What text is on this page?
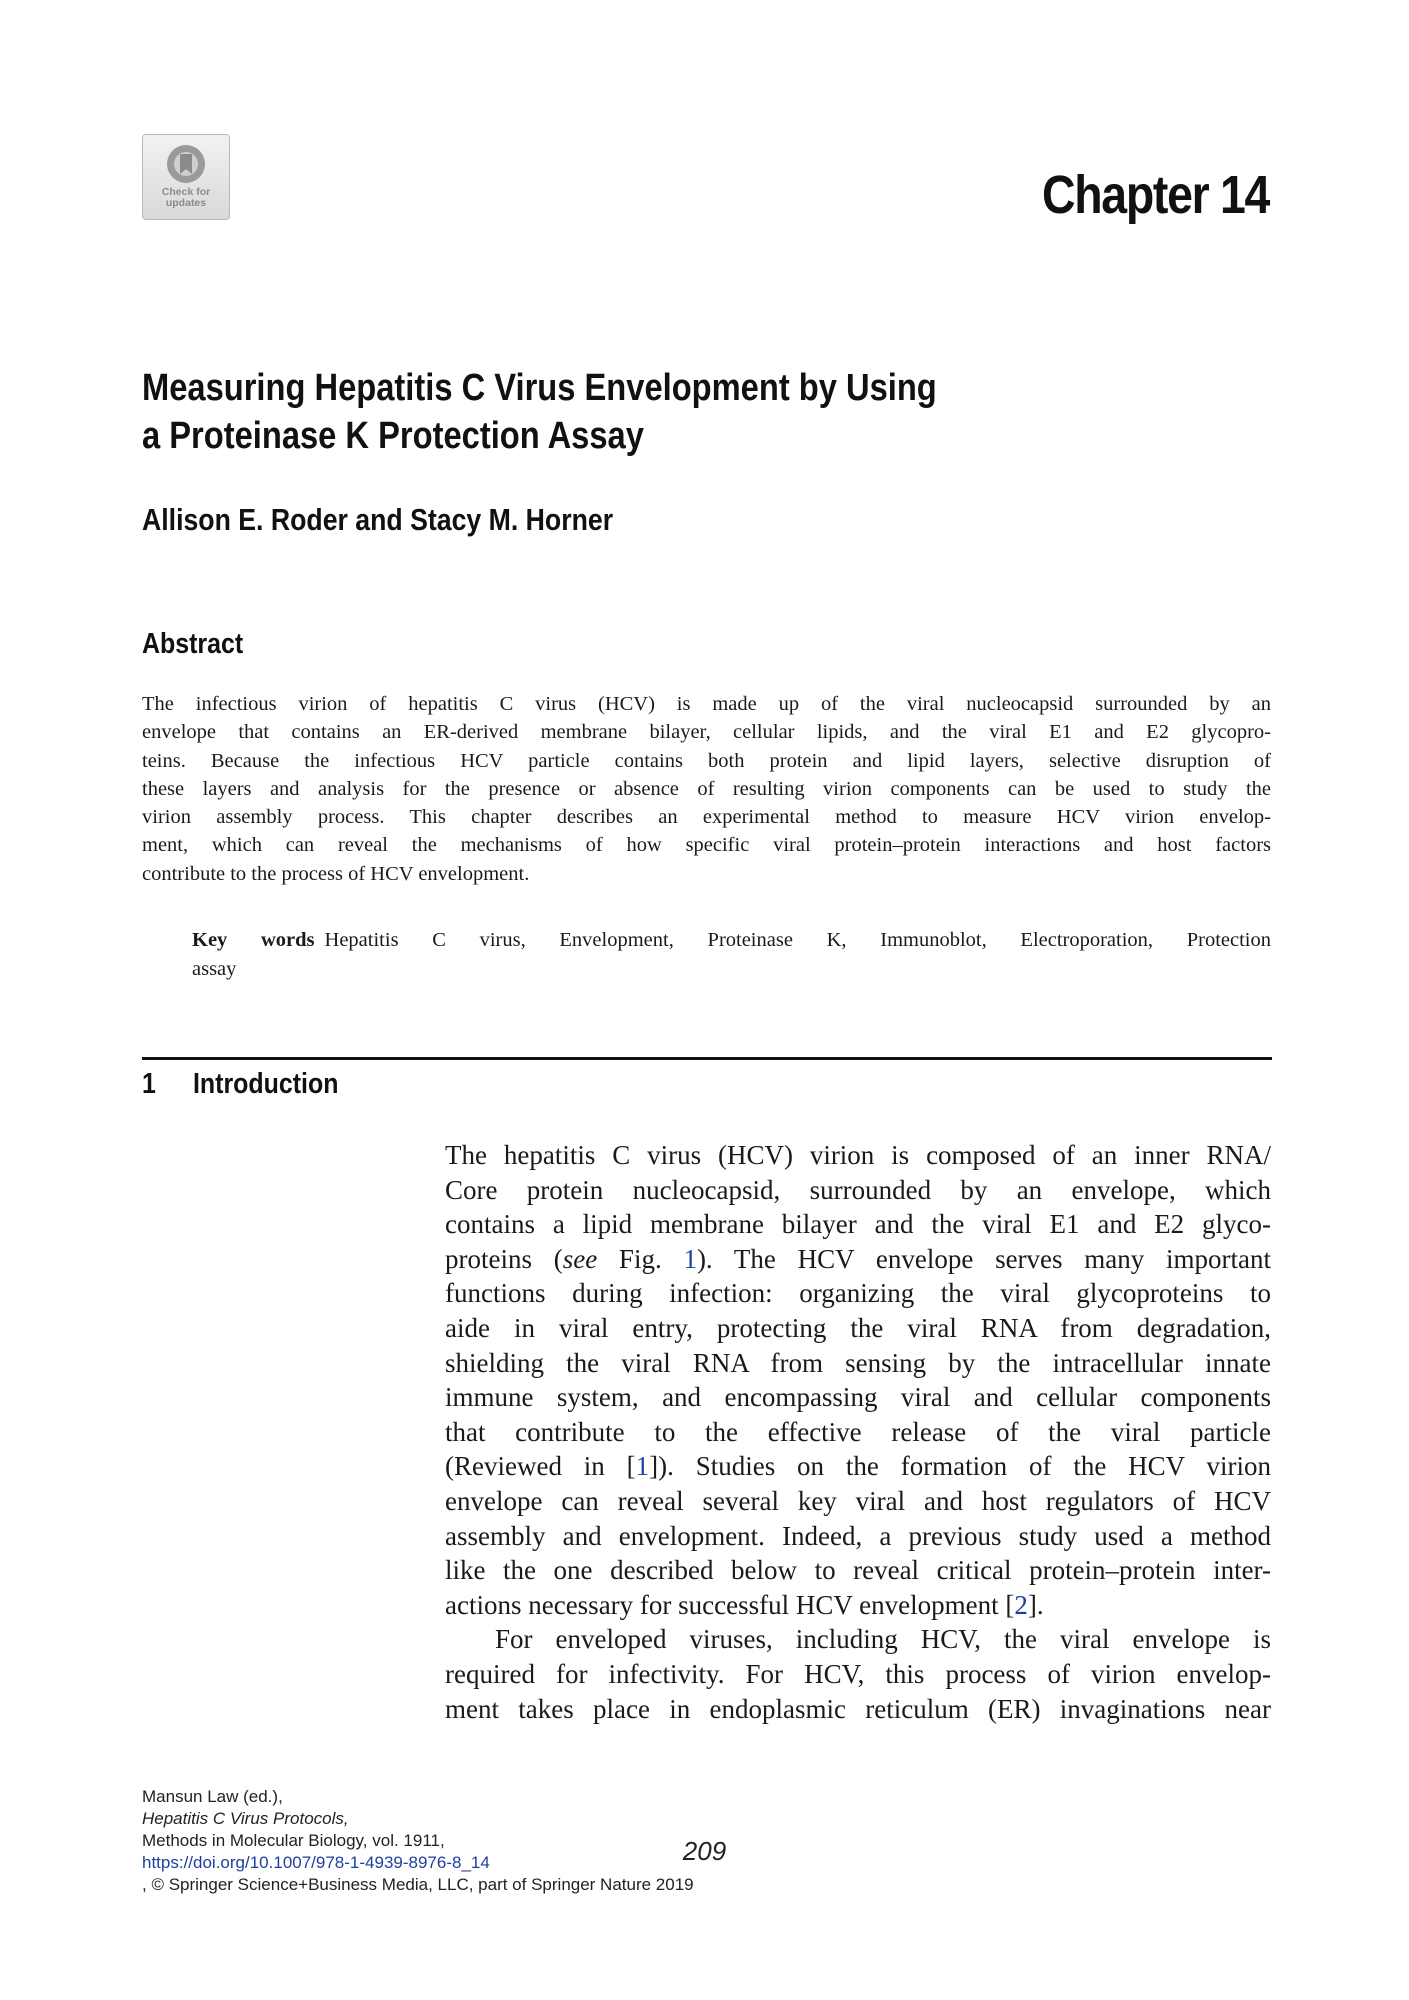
Check for
updates	Chapter 14
Measuring Hepatitis C Virus Envelopment by Using
a Proteinase K Protection Assay
Allison E. Roder and Stacy M. Horner
Abstract
The infectious virion of hepatitis C virus (HCV) is made up of the viral nucleocapsid surrounded by an
envelope that contains an ER-derived membrane bilayer, cellular lipids, and the viral E1 and E2 glycopro-
teins. Because the infectious HCV particle contains both protein and lipid layers, selective disruption of
these layers and analysis for the presence or absence of resulting virion components can be used to study the
virion assembly process. This chapter describes an experimental method to measure HCV virion envelop-
ment, which can reveal the mechanisms of how specific viral protein–protein interactions and host factors
contribute to the process of HCV envelopment.
Key words Hepatitis C virus, Envelopment, Proteinase K, Immunoblot, Electroporation, Protection
assay
1 Introduction
The hepatitis C virus (HCV) virion is composed of an inner RNA/
Core protein nucleocapsid, surrounded by an envelope, which
contains a lipid membrane bilayer and the viral E1 and E2 glyco-
proteins (see Fig. 1). The HCV envelope serves many important
functions during infection: organizing the viral glycoproteins to
aide in viral entry, protecting the viral RNA from degradation,
shielding the viral RNA from sensing by the intracellular innate
immune system, and encompassing viral and cellular components
that contribute to the effective release of the viral particle
(Reviewed in [1]). Studies on the formation of the HCV virion
envelope can reveal several key viral and host regulators of HCV
assembly and envelopment. Indeed, a previous study used a method
like the one described below to reveal critical protein–protein inter-
actions necessary for successful HCV envelopment [2].
For enveloped viruses, including HCV, the viral envelope is
required for infectivity. For HCV, this process of virion envelop-
ment takes place in endoplasmic reticulum (ER) invaginations near
Mansun Law (ed.),
Hepatitis C Virus Protocols,
Methods in Molecular Biology, vol. 1911,
https://doi.org/10.1007/978-1-4939-8976-8_14
, © Springer Science+Business Media, LLC, part of Springer Nature 2019
209
